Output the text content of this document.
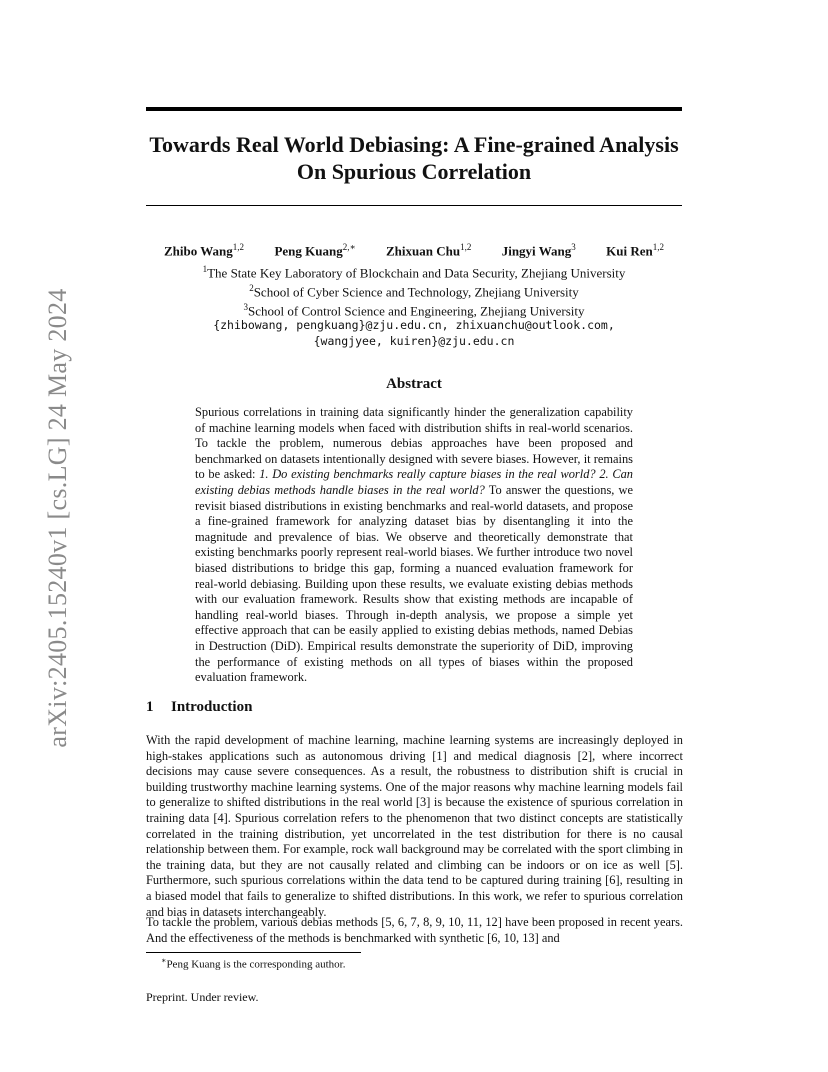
arXiv:2405.15240v1 [cs.LG] 24 May 2024
Towards Real World Debiasing: A Fine-grained Analysis On Spurious Correlation
Zhibo Wang$^{1,2}$ Peng Kuang$^{2,∗}$ Zhixuan Chu$^{1,2}$ Jingyi Wang$^3$ Kui Ren$^{1,2}$
$^1$The State Key Laboratory of Blockchain and Data Security, Zhejiang University
$^2$School of Cyber Science and Technology, Zhejiang University
$^3$School of Control Science and Engineering, Zhejiang University
{zhibowang, pengkuang}@zju.edu.cn, zhixuanchu@outlook.com,
{wangjyee, kuiren}@zju.edu.cn
Abstract

Spurious correlations in training data significantly hinder the generalization capability of machine learning models when faced with distribution shifts in real-world scenarios. To tackle the problem, numerous debias approaches have been proposed and benchmarked on datasets intentionally designed with severe biases. However, it remains to be asked: 1. Do existing benchmarks really capture biases in the real world? 2. Can existing debias methods handle biases in the real world? To answer the questions, we revisit biased distributions in existing benchmarks and real-world datasets, and propose a fine-grained framework for analyzing dataset bias by disentangling it into the magnitude and prevalence of bias. We observe and theoretically demonstrate that existing benchmarks poorly represent real-world biases. We further introduce two novel biased distributions to bridge this gap, forming a nuanced evaluation framework for real-world debiasing. Building upon these results, we evaluate existing debias methods with our evaluation framework. Results show that existing methods are incapable of handling real-world biases. Through in-depth analysis, we propose a simple yet effective approach that can be easily applied to existing debias methods, named Debias in Destruction (DiD). Empirical results demonstrate the superiority of DiD, improving the performance of existing methods on all types of biases within the proposed evaluation framework.

1 Introduction

With the rapid development of machine learning, machine learning systems are increasingly deployed in high-stakes applications such as autonomous driving [1] and medical diagnosis [2], where incorrect decisions may cause severe consequences. As a result, the robustness to distribution shift is crucial in building trustworthy machine learning systems. One of the major reasons why machine learning models fail to generalize to shifted distributions in the real world [3] is because the existence of spurious correlation in training data [4]. Spurious correlation refers to the phenomenon that two distinct concepts are statistically correlated in the training distribution, yet uncorrelated in the test distribution for there is no causal relationship between them. For example, rock wall background may be correlated with the sport climbing in the training data, but they are not causally related and climbing can be indoors or on ice as well [5]. Furthermore, such spurious correlations within the data tend to be captured during training [6], resulting in a biased model that fails to generalize to shifted distributions. In this work, we refer to spurious correlation and bias in datasets interchangeably.

To tackle the problem, various debias methods [5, 6, 7, 8, 9, 10, 11, 12] have been proposed in recent years. And the effectiveness of the methods is benchmarked with synthetic [6, 10, 13] and

∗Peng Kuang is the corresponding author.

Preprint. Under review.
